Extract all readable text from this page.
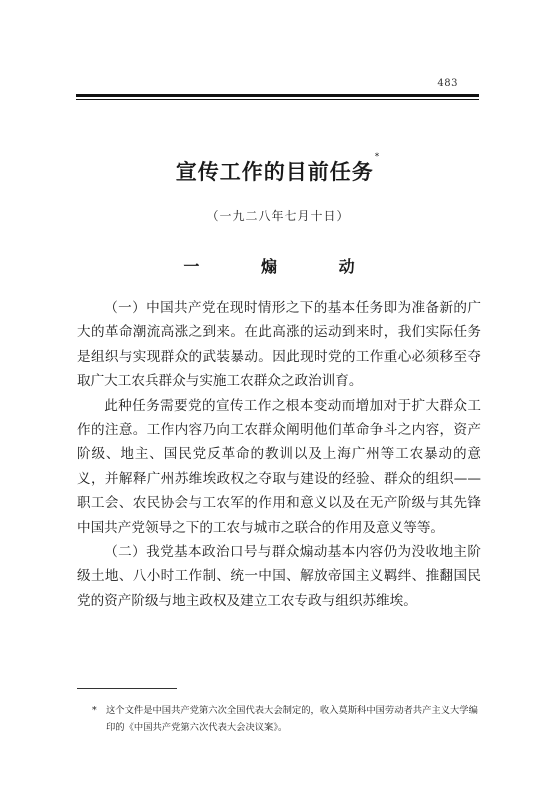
483
宣传工作的目前任务*
（一九二八年七月十日）
一 煽 动

（一）中国共产党在现时情形之下的基本任务即为准备新的广大的革命潮流高涨之到来。在此高涨的运动到来时，我们实际任务是组织与实现群众的武装暴动。因此现时党的工作重心必须移至夺取广大工农兵群众与实施工农群众之政治训育。

此种任务需要党的宣传工作之根本变动而增加对于扩大群众工作的注意。工作内容乃向工农群众阐明他们革命争斗之内容，资产阶级、地主、国民党反革命的教训以及上海广州等工农暴动的意义，并解释广州苏维埃政权之夺取与建设的经验、群众的组织——职工会、农民协会与工农军的作用和意义以及在无产阶级与其先锋中国共产党领导之下的工农与城市之联合的作用及意义等等。

（二）我党基本政治口号与群众煽动基本内容仍为没收地主阶级土地、八小时工作制、统一中国、解放帝国主义羁绊、推翻国民党的资产阶级与地主政权及建立工农专政与组织苏维埃。

* 这个文件是中国共产党第六次全国代表大会制定的，收入莫斯科中国劳动者共产主义大学编印的《中国共产党第六次代表大会决议案》。
